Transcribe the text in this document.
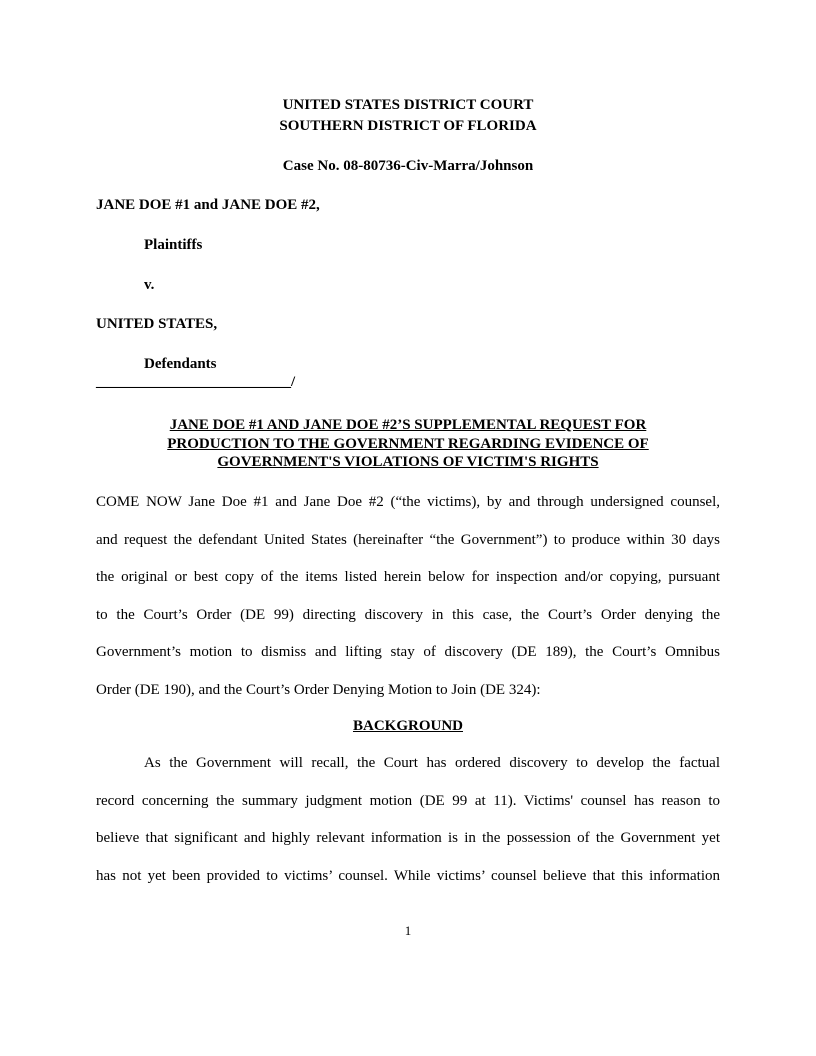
UNITED STATES DISTRICT COURT

SOUTHERN DISTRICT OF FLORIDA

Case No. 08-80736-Civ-Marra/Johnson

JANE DOE #1 and JANE DOE #2,

Plaintiffs

v.

UNITED STATES,

Defendants

__________________________/

JANE DOE #1 AND JANE DOE #2’S SUPPLEMENTAL REQUEST FOR
PRODUCTION TO THE GOVERNMENT REGARDING EVIDENCE OF
GOVERNMENT'S VIOLATIONS OF VICTIM'S RIGHTS
COME NOW Jane Doe #1 and Jane Doe #2 (“the victims), by and through undersigned counsel,
and request the defendant United States (hereinafter “the Government”) to produce within 30 days
the original or best copy of the items listed herein below for inspection and/or copying, pursuant
to the Court’s Order (DE 99) directing discovery in this case, the Court’s Order denying the
Government’s motion to dismiss and lifting stay of discovery (DE 189), the Court’s Omnibus
Order (DE 190), and the Court’s Order Denying Motion to Join (DE 324):

BACKGROUND

As the Government will recall, the Court has ordered discovery to develop the factual
record concerning the summary judgment motion (DE 99 at 11). Victims' counsel has reason to
believe that significant and highly relevant information is in the possession of the Government yet
has not yet been provided to victims’ counsel. While victims’ counsel believe that this information

1
